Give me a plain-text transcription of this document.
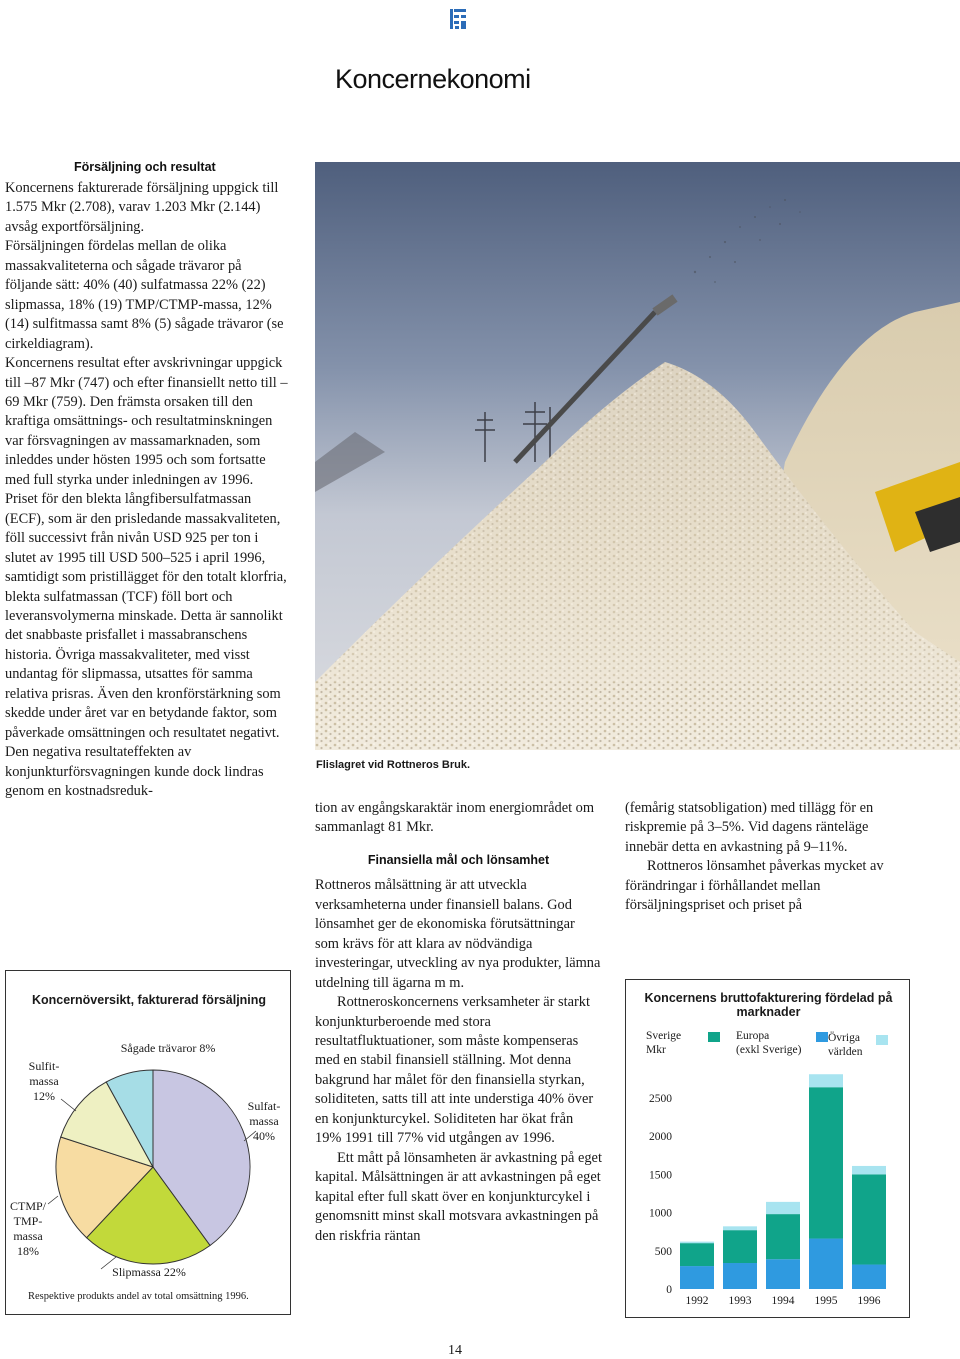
Koncernekonomi
Försäljning och resultat

Koncernens fakturerade försäljning uppgick till 1.575 Mkr (2.708), varav 1.203 Mkr (2.144) avsåg exportförsäljning.

Försäljningen fördelas mellan de olika massakvaliteterna och sågade trävaror på följande sätt: 40% (40) sulfatmassa 22% (22) slipmassa, 18% (19) TMP/CTMP-massa, 12% (14) sulfitmassa samt 8% (5) sågade trävaror (se cirkeldiagram).

Koncernens resultat efter avskrivningar uppgick till –87 Mkr (747) och efter finansiellt netto till –69 Mkr (759). Den främsta orsaken till den kraftiga omsättnings- och resultatminskningen var försvagningen av massamarknaden, som inleddes under hösten 1995 och som fortsatte med full styrka under inledningen av 1996. Priset för den blekta långfibersulfatmassan (ECF), som är den prisledande massakvaliteten, föll successivt från nivån USD 925 per ton i slutet av 1995 till USD 500–525 i april 1996, samtidigt som pristillägget för den totalt klorfria, blekta sulfatmassan (TCF) föll bort och leveransvolymerna minskade. Detta är sannolikt det snabbaste prisfallet i massabranschens historia. Övriga massakvaliteter, med visst undantag för slipmassa, utsattes för samma relativa prisras. Även den kronförstärkning som skedde under året var en betydande faktor, som påverkade omsättningen och resultatet negativt. Den negativa resultateffekten av konjunkturförsvagningen kunde dock lindras genom en kostnadsreduk-

Flislagret vid Rottneros Bruk.

tion av engångskaraktär inom energiområdet om sammanlagt 81 Mkr.

Finansiella mål och lönsamhet

Rottneros målsättning är att utveckla verksamheterna under finansiell balans. God lönsamhet ger de ekonomiska förutsättningar som krävs för att klara av nödvändiga investeringar, utveckling av nya produkter, lämna utdelning till ägarna m m.

Rottneroskoncernens verksamheter är starkt konjunkturberoende med stora resultatfluktuationer, som måste kompenseras med en stabil finansiell ställning. Mot denna bakgrund har målet för den finansiella styrkan, soliditeten, satts till att inte understiga 40% över en konjunkturcykel. Soliditeten har ökat från 19% 1991 till 77% vid utgången av 1996.

Ett mått på lönsamheten är avkastning på eget kapital. Målsättningen är att avkastningen på eget kapital efter full skatt över en konjunkturcykel i genomsnitt minst skall motsvara avkastningen på den riskfria räntan

(femårig statsobligation) med tillägg för en riskpremie på 3–5%. Vid dagens ränteläge innebär detta en avkastning på 9–11%.

Rottneros lönsamhet påverkas mycket av förändringar i förhållandet mellan försäljningspriset och priset på

Koncernöversikt, fakturerad försäljning
Sulfat-
massa
40%
Slipmassa 22%
CTMP/
TMP-
massa
18%
Sulfit-
massa
12%
Sågade trävaror 8%
Respektive produkts andel av total omsättning 1996.
Koncernens bruttofakturering fördelad på marknader
Sverige
Mkr
Europa
(exkl Sverige)
Övriga
världen
0
500
1000
1500
2000
2500
1992 1993 1994 1995 1996
14
